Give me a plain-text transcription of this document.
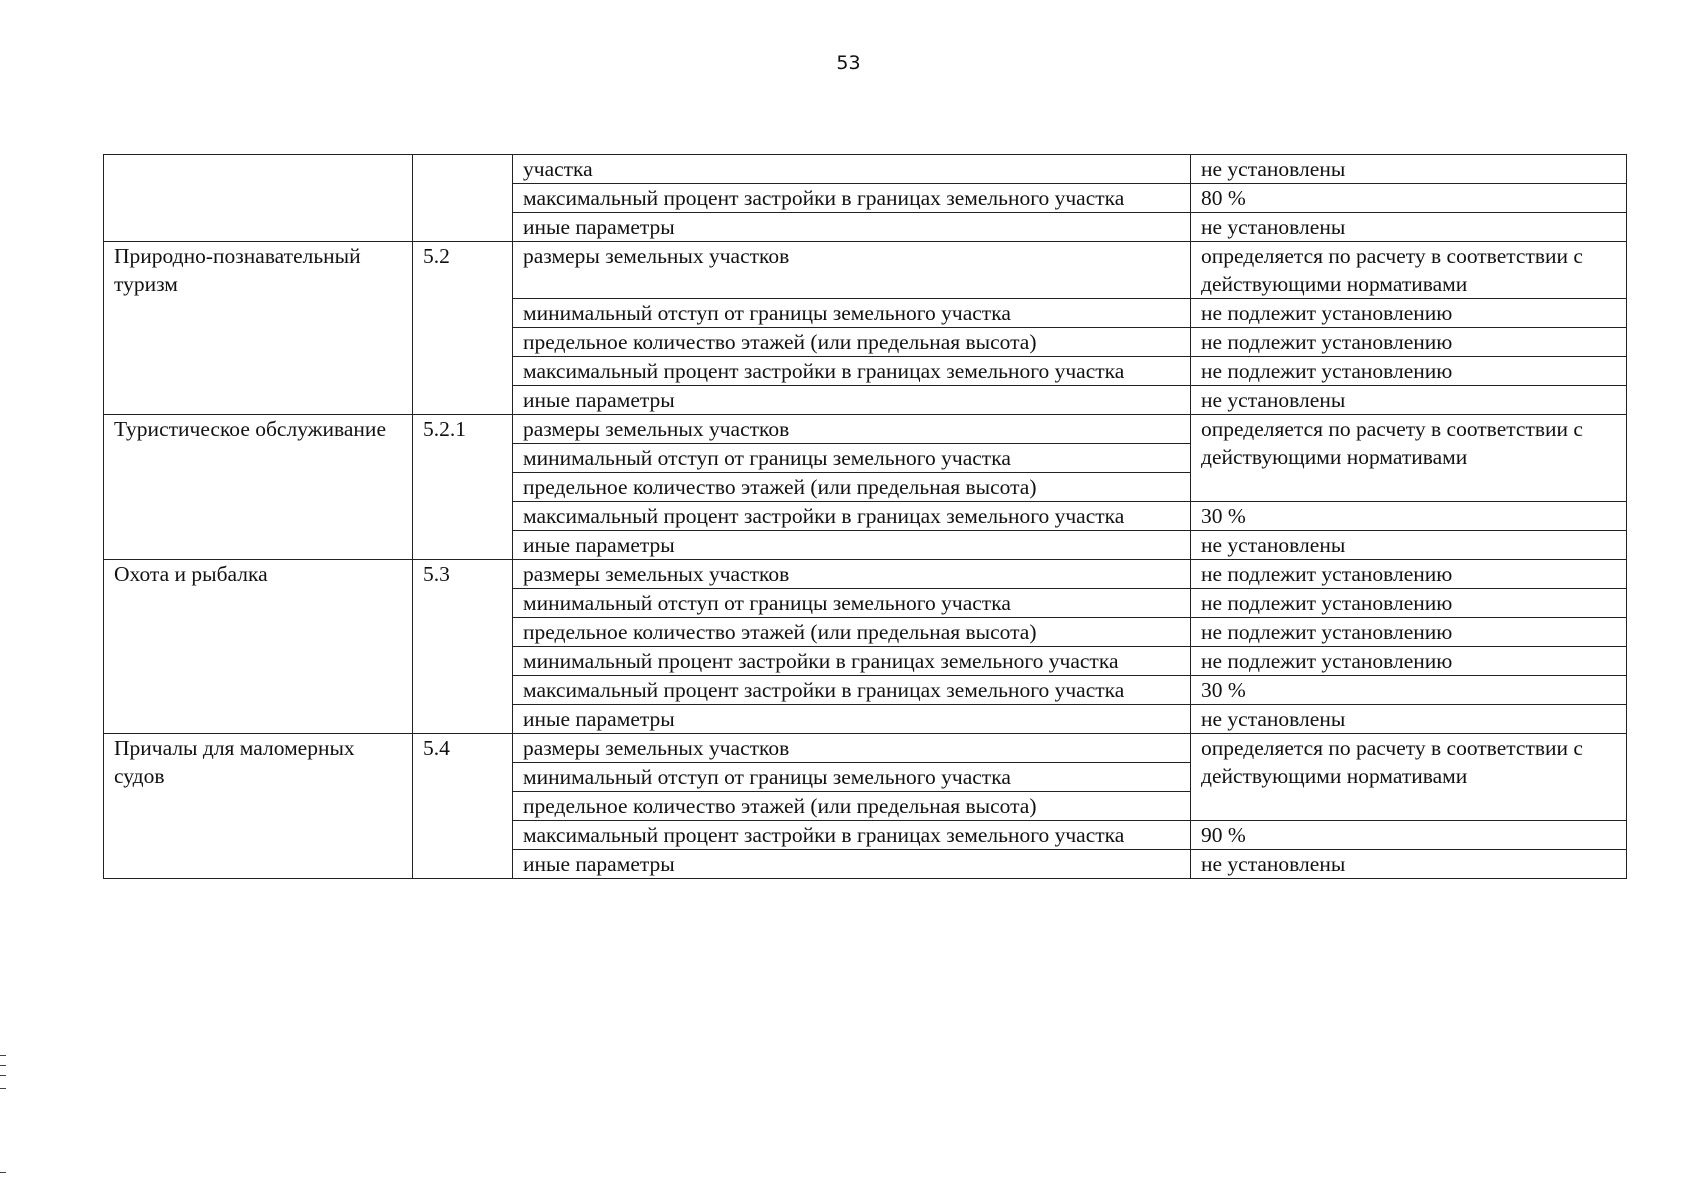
53
		участка	не установлены
		максимальный процент застройки в границах земельного участка	80 %
		иные параметры	не установлены
Природно-познавательный туризм	5.2	размеры земельных участков	определяется по расчету в соответствии с действующими нормативами
		минимальный отступ от границы земельного участка	не подлежит установлению
		предельное количество этажей (или предельная высота)	не подлежит установлению
		максимальный процент застройки в границах земельного участка	не подлежит установлению
		иные параметры	не установлены
Туристическое обслуживание	5.2.1	размеры земельных участков	определяется по расчету в соответствии с действующими нормативами
		минимальный отступ от границы земельного участка	
		предельное количество этажей (или предельная высота)	
		максимальный процент застройки в границах земельного участка	30 %
		иные параметры	не установлены
Охота и рыбалка	5.3	размеры земельных участков	не подлежит установлению
		минимальный отступ от границы земельного участка	не подлежит установлению
		предельное количество этажей (или предельная высота)	не подлежит установлению
		минимальный процент застройки в границах земельного участка	не подлежит установлению
		максимальный процент застройки в границах земельного участка	30 %
		иные параметры	не установлены
Причалы для маломерных судов	5.4	размеры земельных участков	определяется по расчету в соответствии с действующими нормативами
		минимальный отступ от границы земельного участка	
		предельное количество этажей (или предельная высота)	
		максимальный процент застройки в границах земельного участка	90 %
		иные параметры	не установлены
